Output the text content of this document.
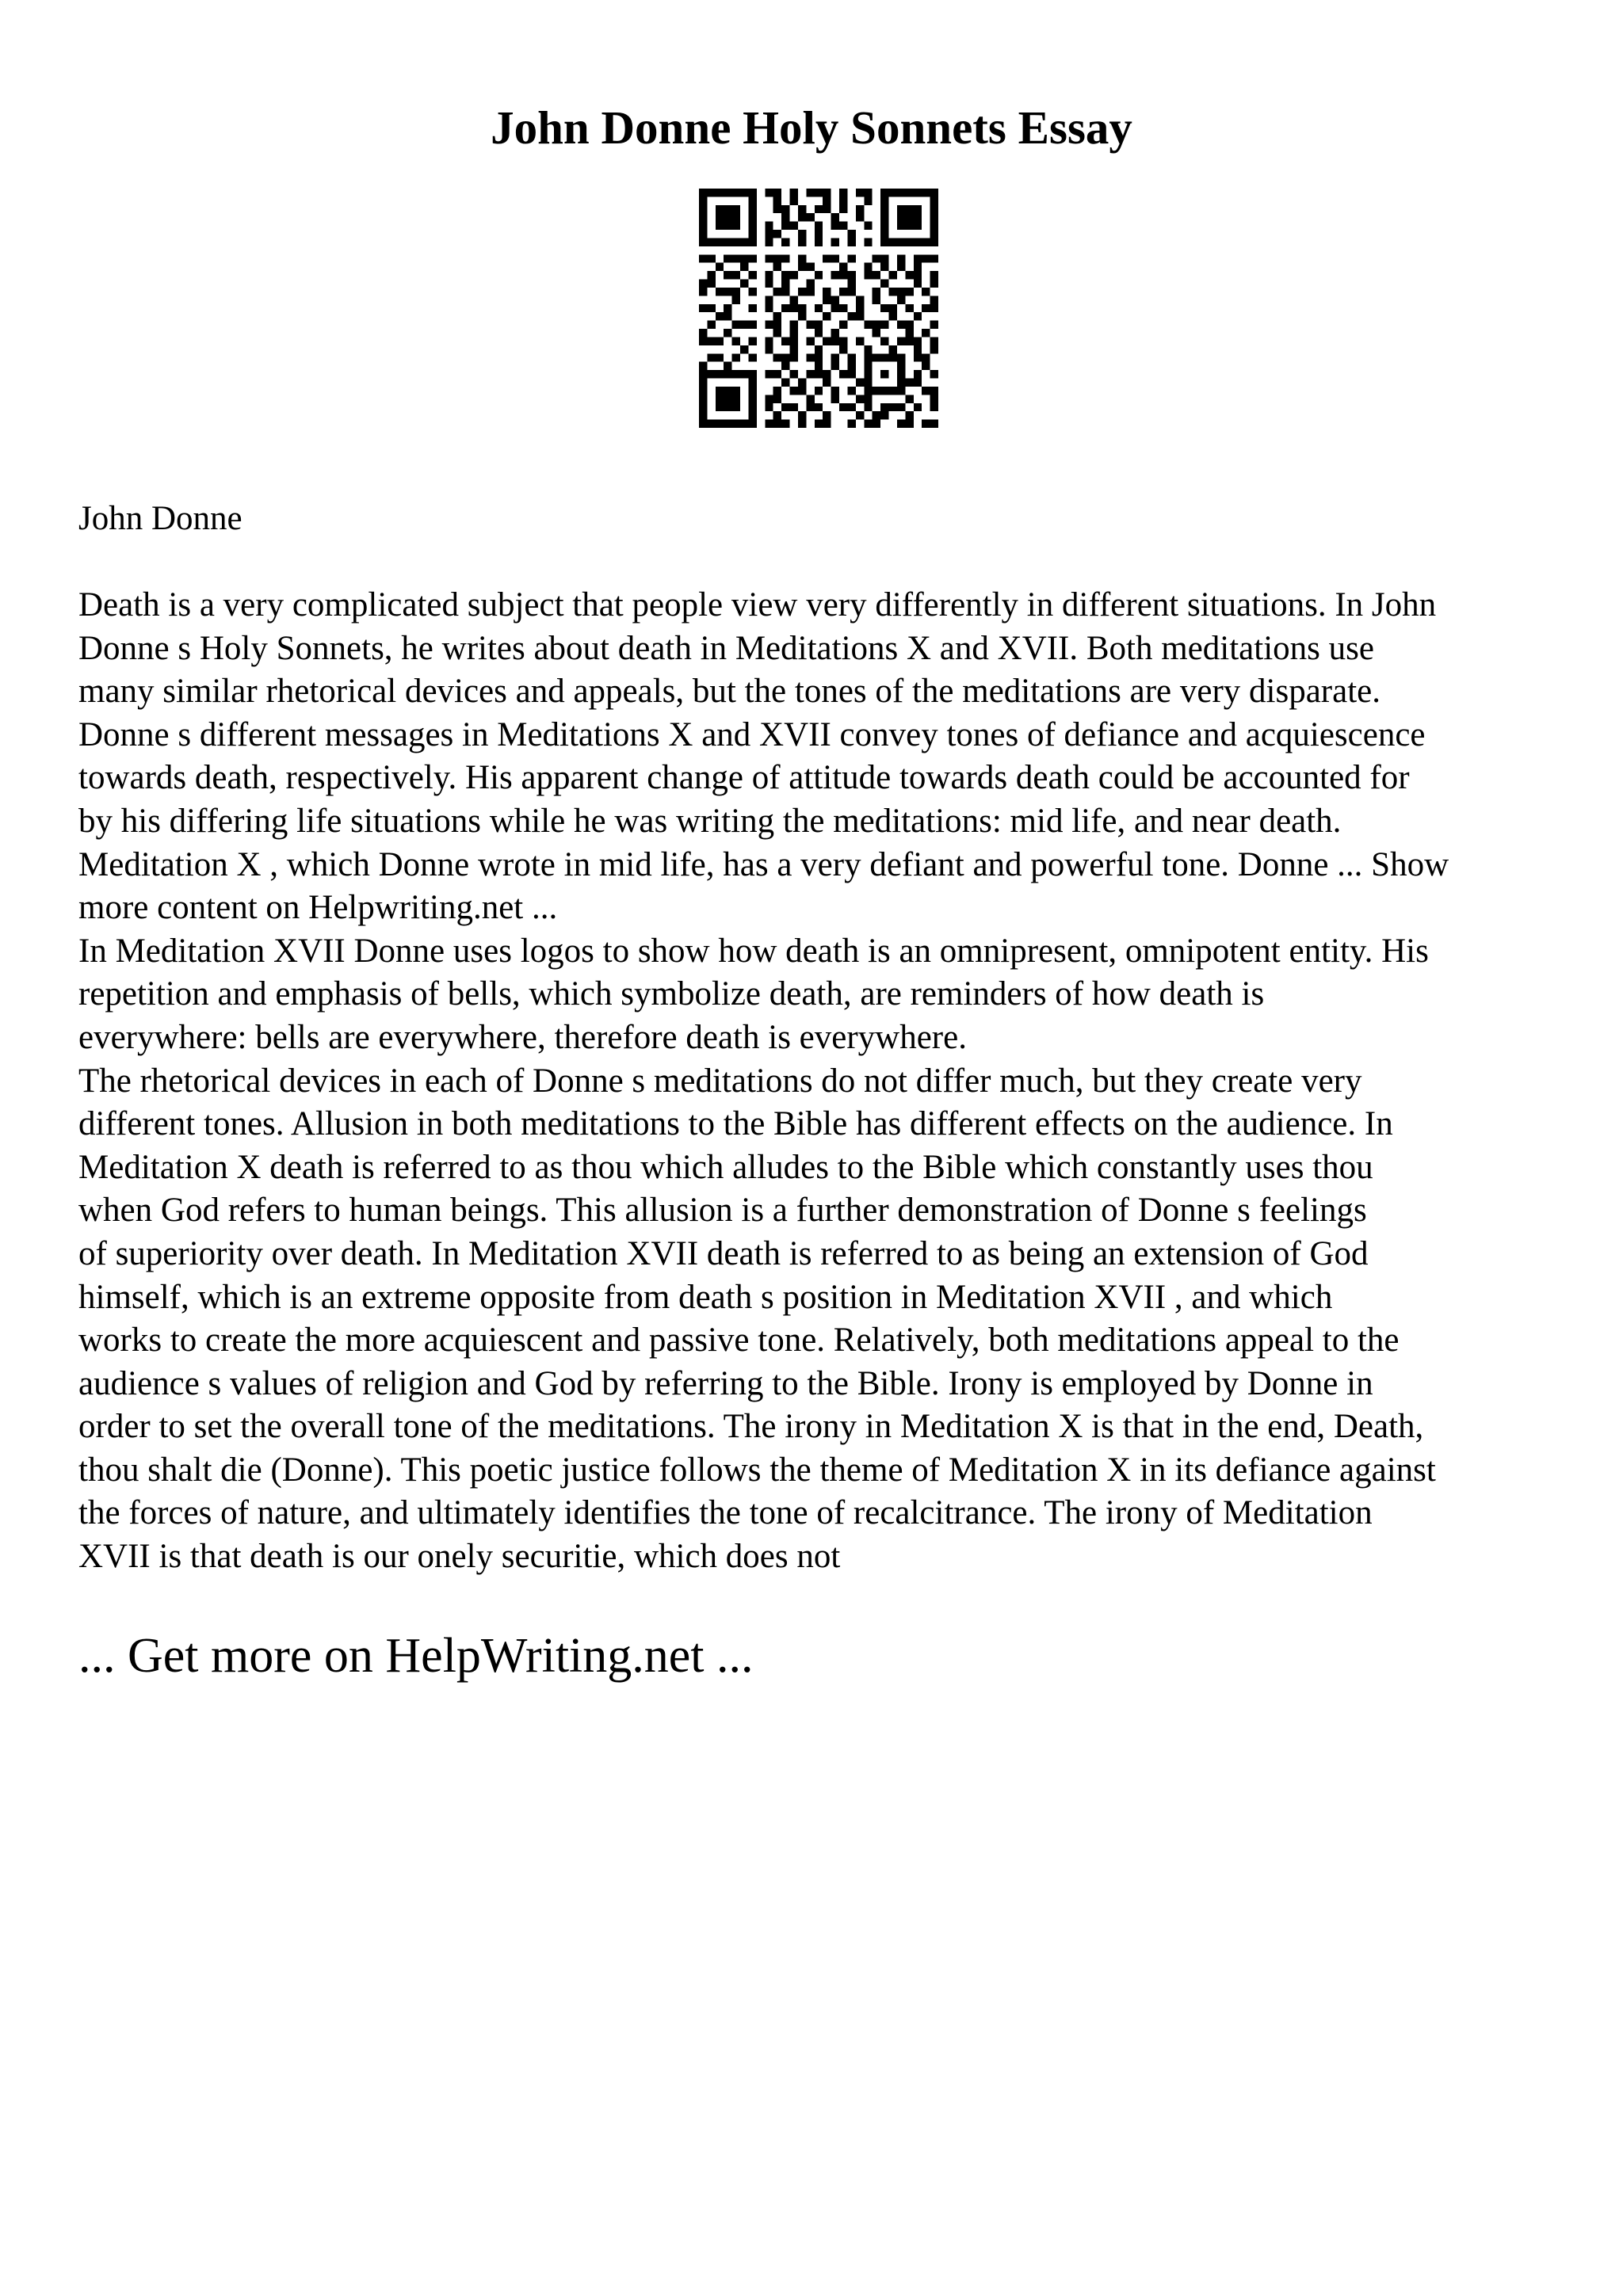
John Donne Holy Sonnets Essay

John Donne

Death is a very complicated subject that people view very differently in different situations. In John
Donne s Holy Sonnets, he writes about death in Meditations X and XVII. Both meditations use
many similar rhetorical devices and appeals, but the tones of the meditations are very disparate.
Donne s different messages in Meditations X and XVII convey tones of defiance and acquiescence
towards death, respectively. His apparent change of attitude towards death could be accounted for
by his differing life situations while he was writing the meditations: mid life, and near death.
Meditation X , which Donne wrote in mid life, has a very defiant and powerful tone. Donne ... Show
more content on Helpwriting.net ...
In Meditation XVII Donne uses logos to show how death is an omnipresent, omnipotent entity. His
repetition and emphasis of bells, which symbolize death, are reminders of how death is
everywhere: bells are everywhere, therefore death is everywhere.
The rhetorical devices in each of Donne s meditations do not differ much, but they create very
different tones. Allusion in both meditations to the Bible has different effects on the audience. In
Meditation X death is referred to as thou which alludes to the Bible which constantly uses thou
when God refers to human beings. This allusion is a further demonstration of Donne s feelings
of superiority over death. In Meditation XVII death is referred to as being an extension of God
himself, which is an extreme opposite from death s position in Meditation XVII , and which
works to create the more acquiescent and passive tone. Relatively, both meditations appeal to the
audience s values of religion and God by referring to the Bible. Irony is employed by Donne in
order to set the overall tone of the meditations. The irony in Meditation X is that in the end, Death,
thou shalt die (Donne). This poetic justice follows the theme of Meditation X in its defiance against
the forces of nature, and ultimately identifies the tone of recalcitrance. The irony of Meditation
XVII is that death is our onely securitie, which does not

... Get more on HelpWriting.net ...
